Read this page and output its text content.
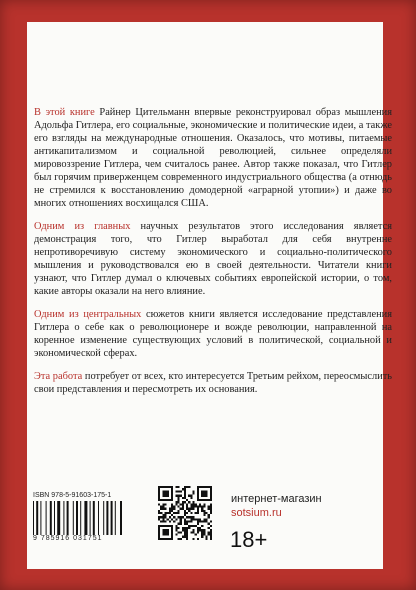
В этой книге Райнер Цительманн впервые реконструировал образ мышления Адольфа Гитлера, его социальные, экономические и политические идеи, а также его взгляды на международные отношения. Оказалось, что мотивы, питаемые антикапитализмом и социальной революцией, сильнее определяли мировоззрение Гитлера, чем считалось ранее. Автор также показал, что Гитлер был горячим приверженцем современного индустриального общества (а отнюдь не стремился к восстановлению домодерной «аграрной утопии») и даже во многих отношениях восхищался США.

Одним из главных научных результатов этого исследования является демонстрация того, что Гитлер выработал для себя внутренне непротиворечивую систему экономического и социально-политического мышления и руководствовался ею в своей деятельности. Читатели книги узнают, что Гитлер думал о ключевых событиях европейской истории, о том, какие авторы оказали на него влияние.

Одним из центральных сюжетов книги является исследование представления Гитлера о себе как о революционере и вожде революции, направленной на коренное изменение существующих условий в политической, социальной и экономической сферах.

Эта работа потребует от всех, кто интересуется Третьим рейхом, переосмыслить свои представления и пересмотреть их основания.

ISBN 978-5-91603-175-1
9 785916 031751
интернет-магазин
sotsium.ru
18+
